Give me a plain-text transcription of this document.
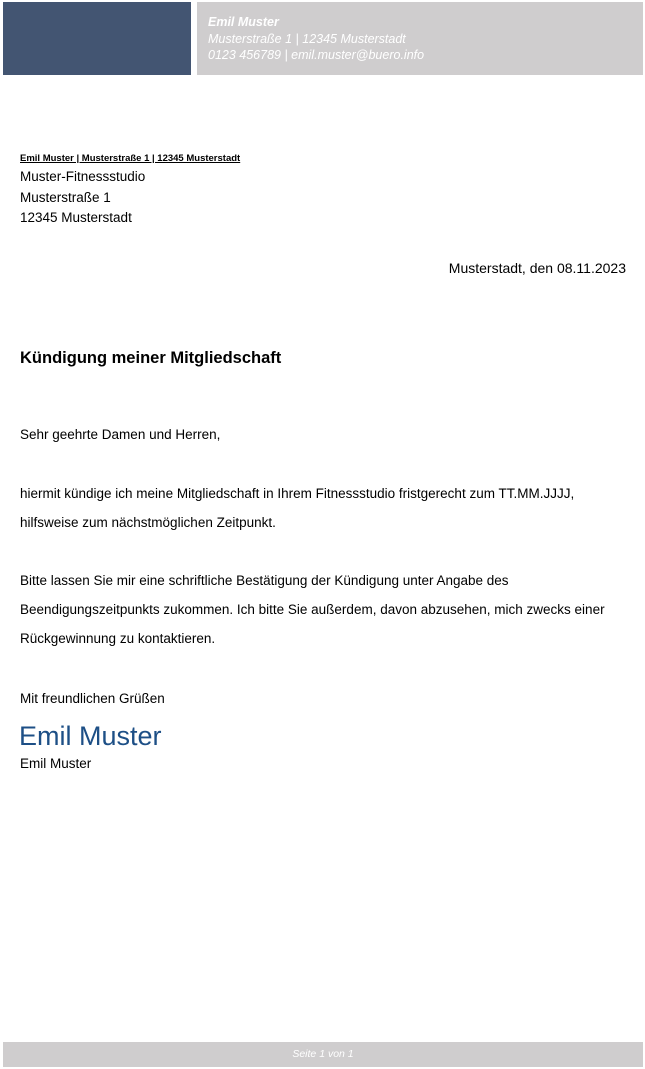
Emil Muster
Musterstraße 1 | 12345 Musterstadt
0123 456789 | emil.muster@buero.info
Emil Muster | Musterstraße 1 | 12345 Musterstadt
Muster-Fitnessstudio
Musterstraße 1
12345 Musterstadt
Musterstadt, den 08.11.2023
Kündigung meiner Mitgliedschaft
Sehr geehrte Damen und Herren,
hiermit kündige ich meine Mitgliedschaft in Ihrem Fitnessstudio fristgerecht zum TT.MM.JJJJ, hilfsweise zum nächstmöglichen Zeitpunkt.
Bitte lassen Sie mir eine schriftliche Bestätigung der Kündigung unter Angabe des Beendigungszeitpunkts zukommen. Ich bitte Sie außerdem, davon abzusehen, mich zwecks einer Rückgewinnung zu kontaktieren.
Mit freundlichen Grüßen
Emil Muster
Emil Muster
Seite 1 von 1
